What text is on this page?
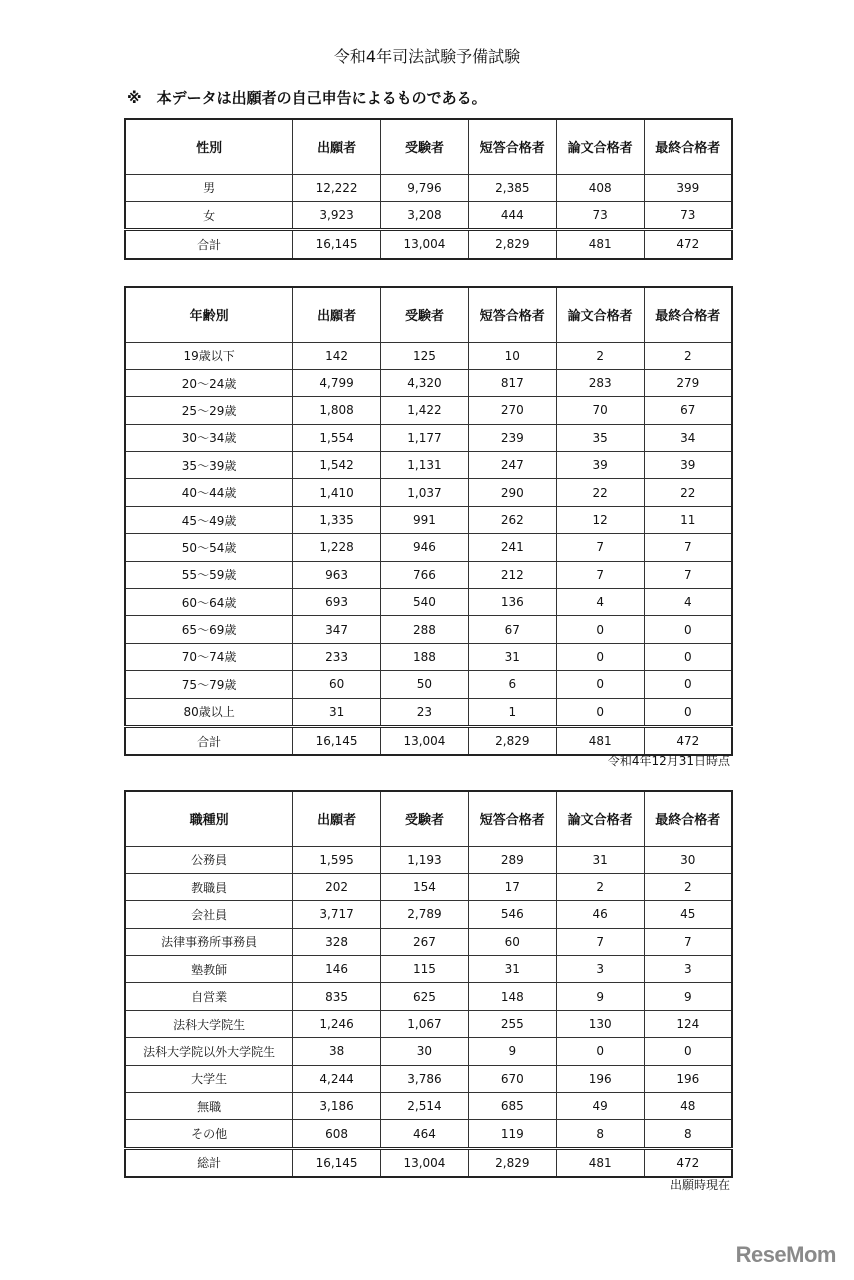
令和4年司法試験予備試験
※　本データは出願者の自己申告によるものである。
性別	出願者	受験者	短答合格者	論文合格者	最終合格者
男	12,222	9,796	2,385	408	399
女	3,923	3,208	444	73	73
合計	16,145	13,004	2,829	481	472
年齢別	出願者	受験者	短答合格者	論文合格者	最終合格者
19歳以下	142	125	10	2	2
20～24歳	4,799	4,320	817	283	279
25～29歳	1,808	1,422	270	70	67
30～34歳	1,554	1,177	239	35	34
35～39歳	1,542	1,131	247	39	39
40～44歳	1,410	1,037	290	22	22
45～49歳	1,335	991	262	12	11
50～54歳	1,228	946	241	7	7
55～59歳	963	766	212	7	7
60～64歳	693	540	136	4	4
65～69歳	347	288	67	0	0
70～74歳	233	188	31	0	0
75～79歳	60	50	6	0	0
80歳以上	31	23	1	0	0
合計	16,145	13,004	2,829	481	472
令和4年12月31日時点
職種別	出願者	受験者	短答合格者	論文合格者	最終合格者
公務員	1,595	1,193	289	31	30
教職員	202	154	17	2	2
会社員	3,717	2,789	546	46	45
法律事務所事務員	328	267	60	7	7
塾教師	146	115	31	3	3
自営業	835	625	148	9	9
法科大学院生	1,246	1,067	255	130	124
法科大学院以外大学院生	38	30	9	0	0
大学生	4,244	3,786	670	196	196
無職	3,186	2,514	685	49	48
その他	608	464	119	8	8
総計	16,145	13,004	2,829	481	472
出願時現在
ReseMom
